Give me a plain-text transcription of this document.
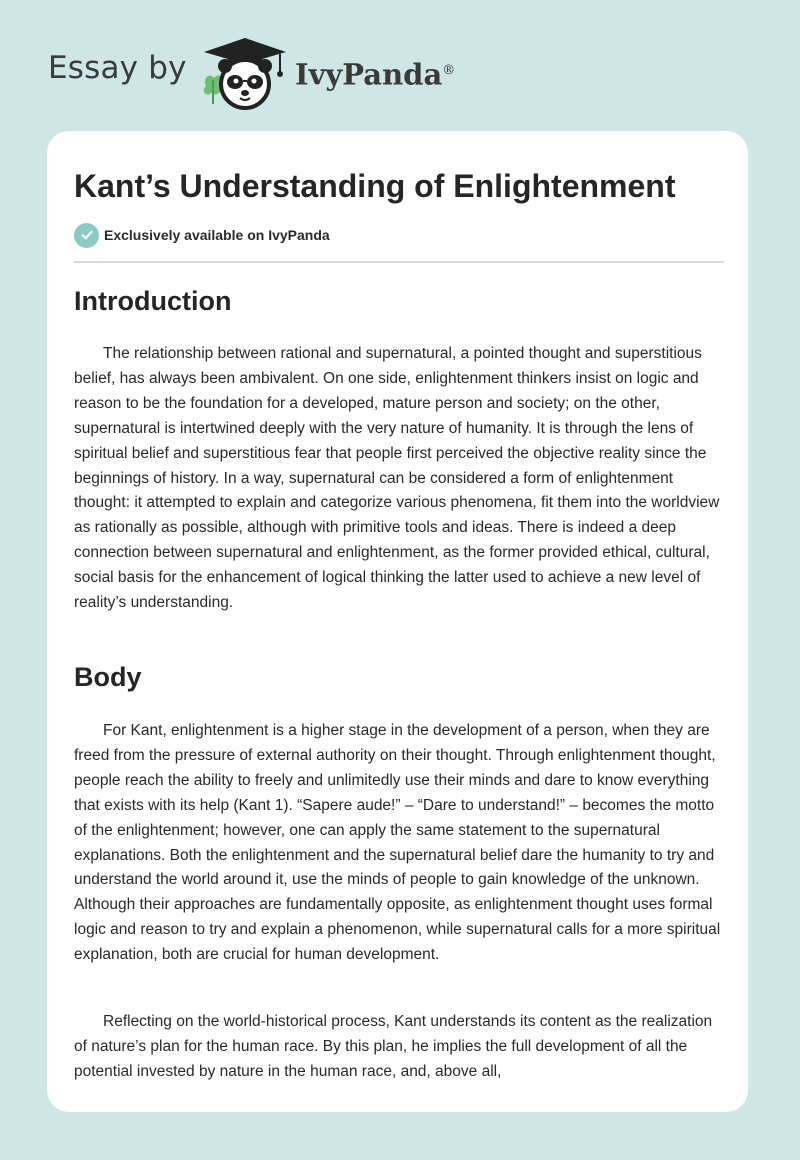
Essay by	IvyPanda®
Kant’s Understanding of Enlightenment
Exclusively available on IvyPanda
Introduction

The relationship between rational and supernatural, a pointed thought and superstitious belief, has always been ambivalent. On one side, enlightenment thinkers insist on logic and reason to be the foundation for a developed, mature person and society; on the other, supernatural is intertwined deeply with the very nature of humanity. It is through the lens of spiritual belief and superstitious fear that people first perceived the objective reality since the beginnings of history. In a way, supernatural can be considered a form of enlightenment thought: it attempted to explain and categorize various phenomena, fit them into the worldview as rationally as possible, although with primitive tools and ideas. There is indeed a deep connection between supernatural and enlightenment, as the former provided ethical, cultural, social basis for the enhancement of logical thinking the latter used to achieve a new level of reality’s understanding.

Body

For Kant, enlightenment is a higher stage in the development of a person, when they are freed from the pressure of external authority on their thought. Through enlightenment thought, people reach the ability to freely and unlimitedly use their minds and dare to know everything that exists with its help (Kant 1). “Sapere aude!” – “Dare to understand!” – becomes the motto of the enlightenment; however, one can apply the same statement to the supernatural explanations. Both the enlightenment and the supernatural belief dare the humanity to try and understand the world around it, use the minds of people to gain knowledge of the unknown. Although their approaches are fundamentally opposite, as enlightenment thought uses formal logic and reason to try and explain a phenomenon, while supernatural calls for a more spiritual explanation, both are crucial for human development.

Reflecting on the world-historical process, Kant understands its content as the realization of nature’s plan for the human race. By this plan, he implies the full development of all the potential invested by nature in the human race, and, above all,
